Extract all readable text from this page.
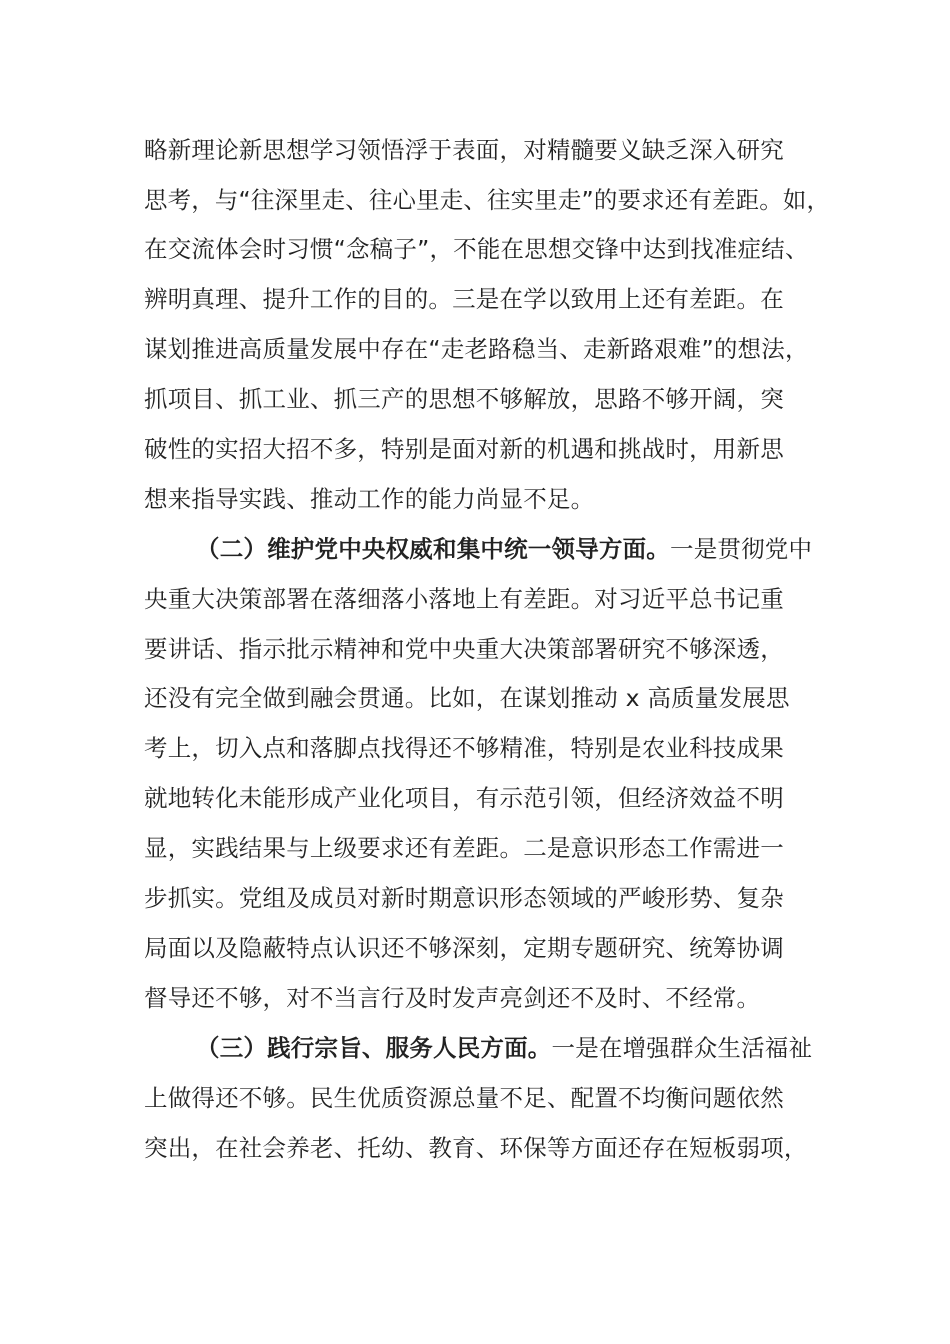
略新理论新思想学习领悟浮于表面，对精髓要义缺乏深入研究
思考，与“往深里走、往心里走、往实里走”的要求还有差距。如，
在交流体会时习惯“念稿子”，不能在思想交锋中达到找准症结、
辨明真理、提升工作的目的。三是在学以致用上还有差距。在
谋划推进高质量发展中存在“走老路稳当、走新路艰难”的想法，
抓项目、抓工业、抓三产的思想不够解放，思路不够开阔，突
破性的实招大招不多，特别是面对新的机遇和挑战时，用新思
想来指导实践、推动工作的能力尚显不足。
（二）维护党中央权威和集中统一领导方面。一是贯彻党中
央重大决策部署在落细落小落地上有差距。对习近平总书记重
要讲话、指示批示精神和党中央重大决策部署研究不够深透，
还没有完全做到融会贯通。比如，在谋划推动 x 高质量发展思
考上，切入点和落脚点找得还不够精准，特别是农业科技成果
就地转化未能形成产业化项目，有示范引领，但经济效益不明
显，实践结果与上级要求还有差距。二是意识形态工作需进一
步抓实。党组及成员对新时期意识形态领域的严峻形势、复杂
局面以及隐蔽特点认识还不够深刻，定期专题研究、统筹协调
督导还不够，对不当言行及时发声亮剑还不及时、不经常。
（三）践行宗旨、服务人民方面。一是在增强群众生活福祉
上做得还不够。民生优质资源总量不足、配置不均衡问题依然
突出，在社会养老、托幼、教育、环保等方面还存在短板弱项，
